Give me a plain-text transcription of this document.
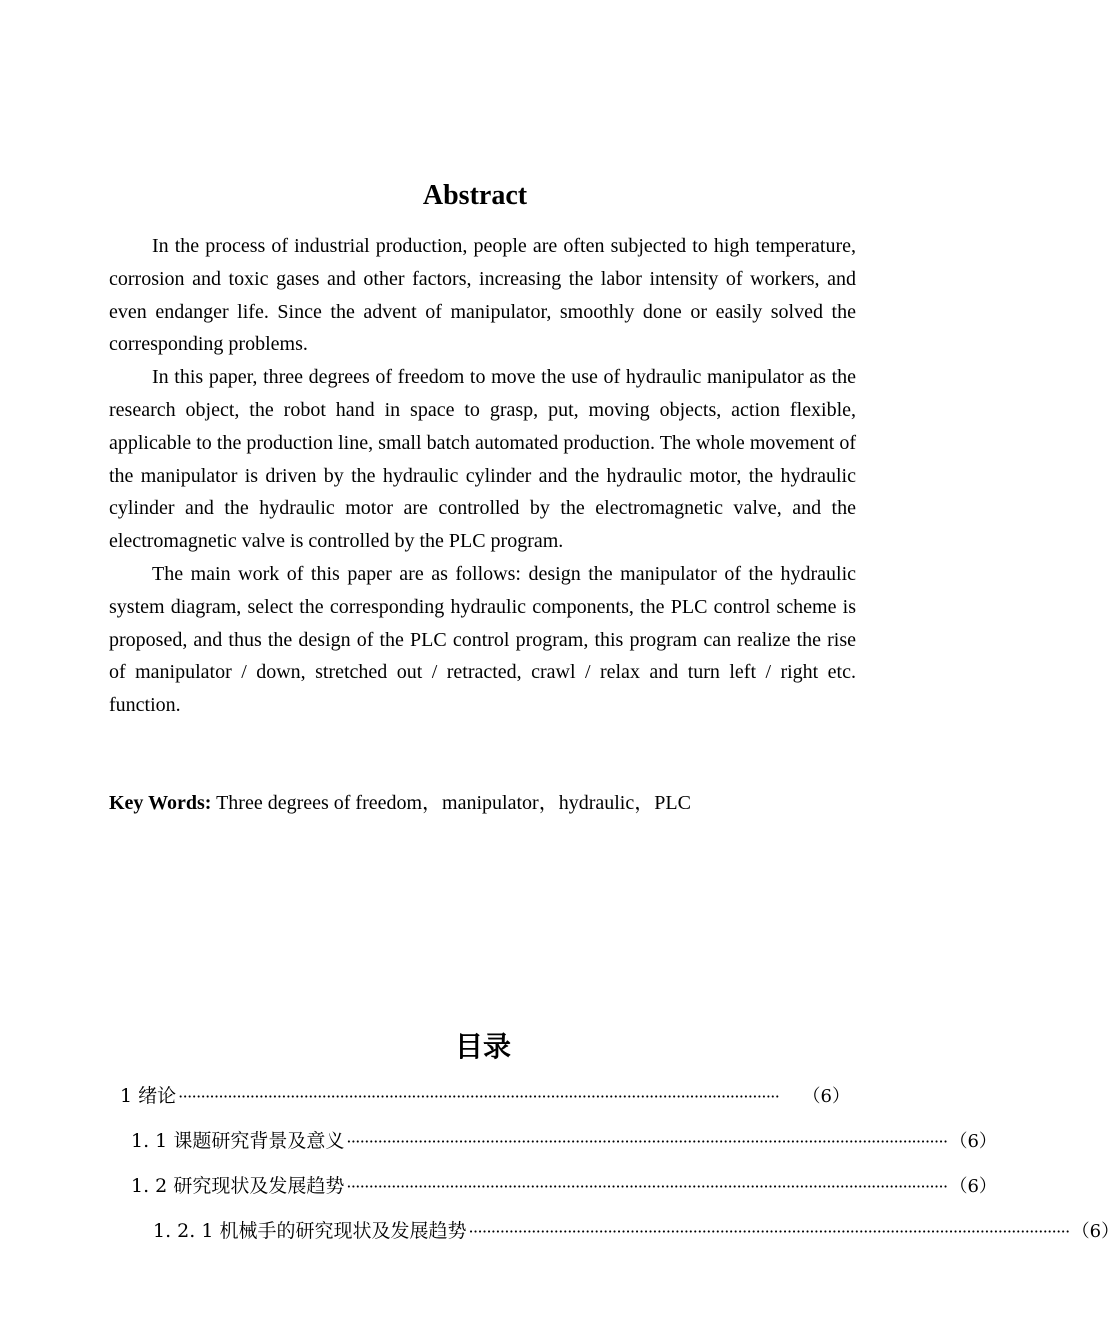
Abstract

In the process of industrial production, people are often subjected to high temperature, corrosion and toxic gases and other factors, increasing the labor intensity of workers, and even endanger life. Since the advent of manipulator, smoothly done or easily solved the corresponding problems.

In this paper, three degrees of freedom to move the use of hydraulic manipulator as the research object, the robot hand in space to grasp, put, moving objects, action flexible, applicable to the production line, small batch automated production. The whole movement of the manipulator is driven by the hydraulic cylinder and the hydraulic motor, the hydraulic cylinder and the hydraulic motor are controlled by the electromagnetic valve, and the electromagnetic valve is controlled by the PLC program.

The main work of this paper are as follows: design the manipulator of the hydraulic system diagram, select the corresponding hydraulic components, the PLC control scheme is proposed, and thus the design of the PLC control program, this program can realize the rise of manipulator / down, stretched out / retracted, crawl / relax and turn left / right etc. function.

Key Words: Three degrees of freedom，manipulator，hydraulic，PLC

目录
1 绪论 ······································································································································	（6）
1. 1 课题研究背景及意义 ······································································································································ （6）
1. 2 研究现状及发展趋势 ······································································································································ （6）
1. 2. 1 机械手的研究现状及发展趋势 ······································································································································ （6）
